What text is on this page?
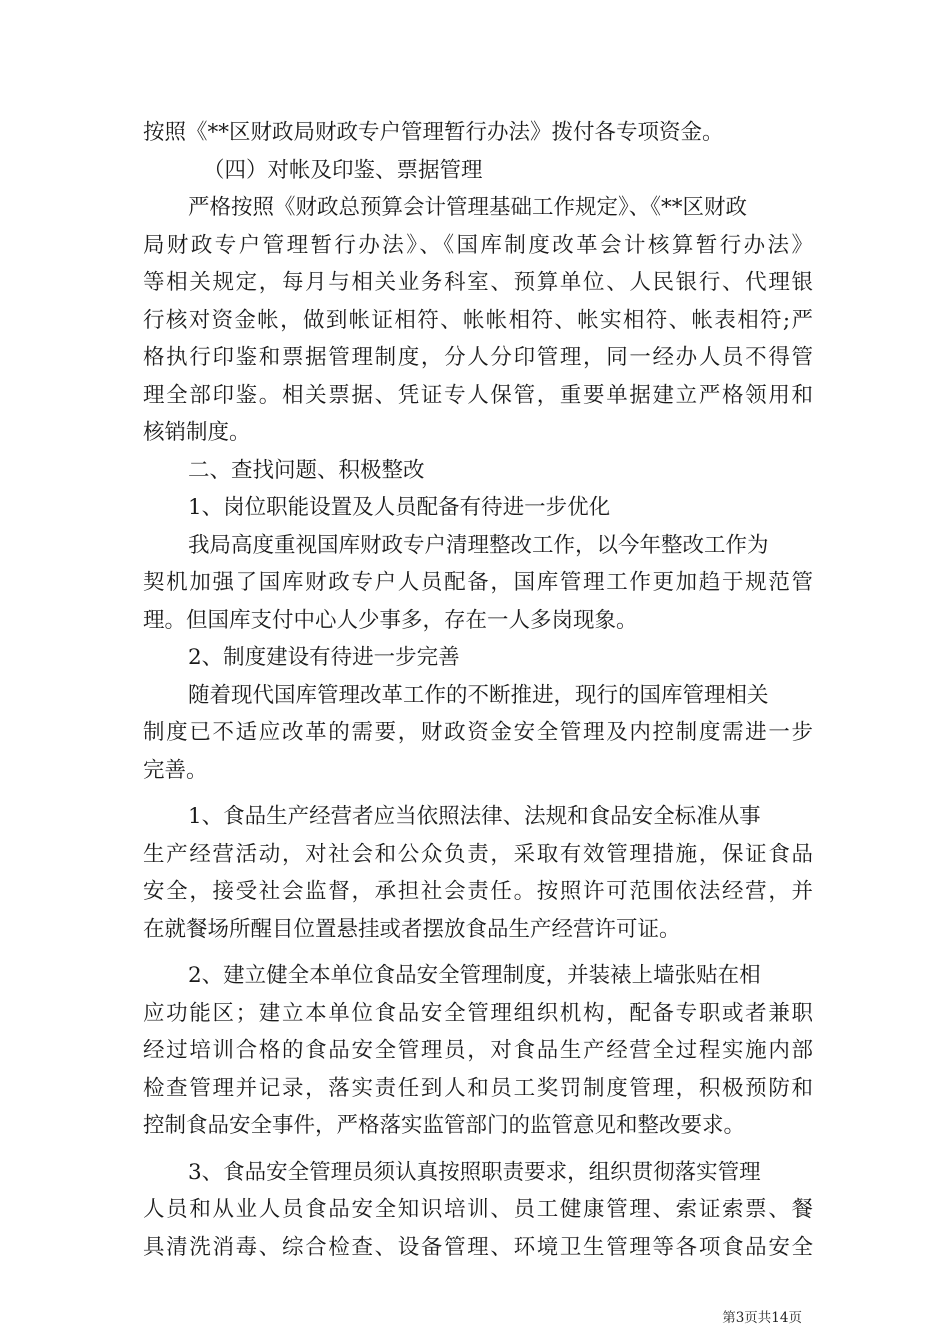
按照《**区财政局财政专户管理暂行办法》拨付各专项资金。
（四）对帐及印鉴、票据管理
严格按照《财政总预算会计管理基础工作规定》、《**区财政
局财政专户管理暂行办法》、《国库制度改革会计核算暂行办法》
等相关规定，每月与相关业务科室、预算单位、人民银行、代理银
行核对资金帐，做到帐证相符、帐帐相符、帐实相符、帐表相符;严
格执行印鉴和票据管理制度，分人分印管理，同一经办人员不得管
理全部印鉴。相关票据、凭证专人保管，重要单据建立严格领用和
核销制度。
二、查找问题、积极整改
1、岗位职能设置及人员配备有待进一步优化
我局高度重视国库财政专户清理整改工作，以今年整改工作为
契机加强了国库财政专户人员配备，国库管理工作更加趋于规范管
理。但国库支付中心人少事多，存在一人多岗现象。
2、制度建设有待进一步完善
随着现代国库管理改革工作的不断推进，现行的国库管理相关
制度已不适应改革的需要，财政资金安全管理及内控制度需进一步
完善。
1、食品生产经营者应当依照法律、法规和食品安全标准从事
生产经营活动，对社会和公众负责，采取有效管理措施，保证食品
安全，接受社会监督，承担社会责任。按照许可范围依法经营，并
在就餐场所醒目位置悬挂或者摆放食品生产经营许可证。
2、建立健全本单位食品安全管理制度，并装裱上墙张贴在相
应功能区；建立本单位食品安全管理组织机构，配备专职或者兼职
经过培训合格的食品安全管理员，对食品生产经营全过程实施内部
检查管理并记录，落实责任到人和员工奖罚制度管理，积极预防和
控制食品安全事件，严格落实监管部门的监管意见和整改要求。
3、食品安全管理员须认真按照职责要求，组织贯彻落实管理
人员和从业人员食品安全知识培训、员工健康管理、索证索票、餐
具清洗消毒、综合检查、设备管理、环境卫生管理等各项食品安全
第3页共14页
